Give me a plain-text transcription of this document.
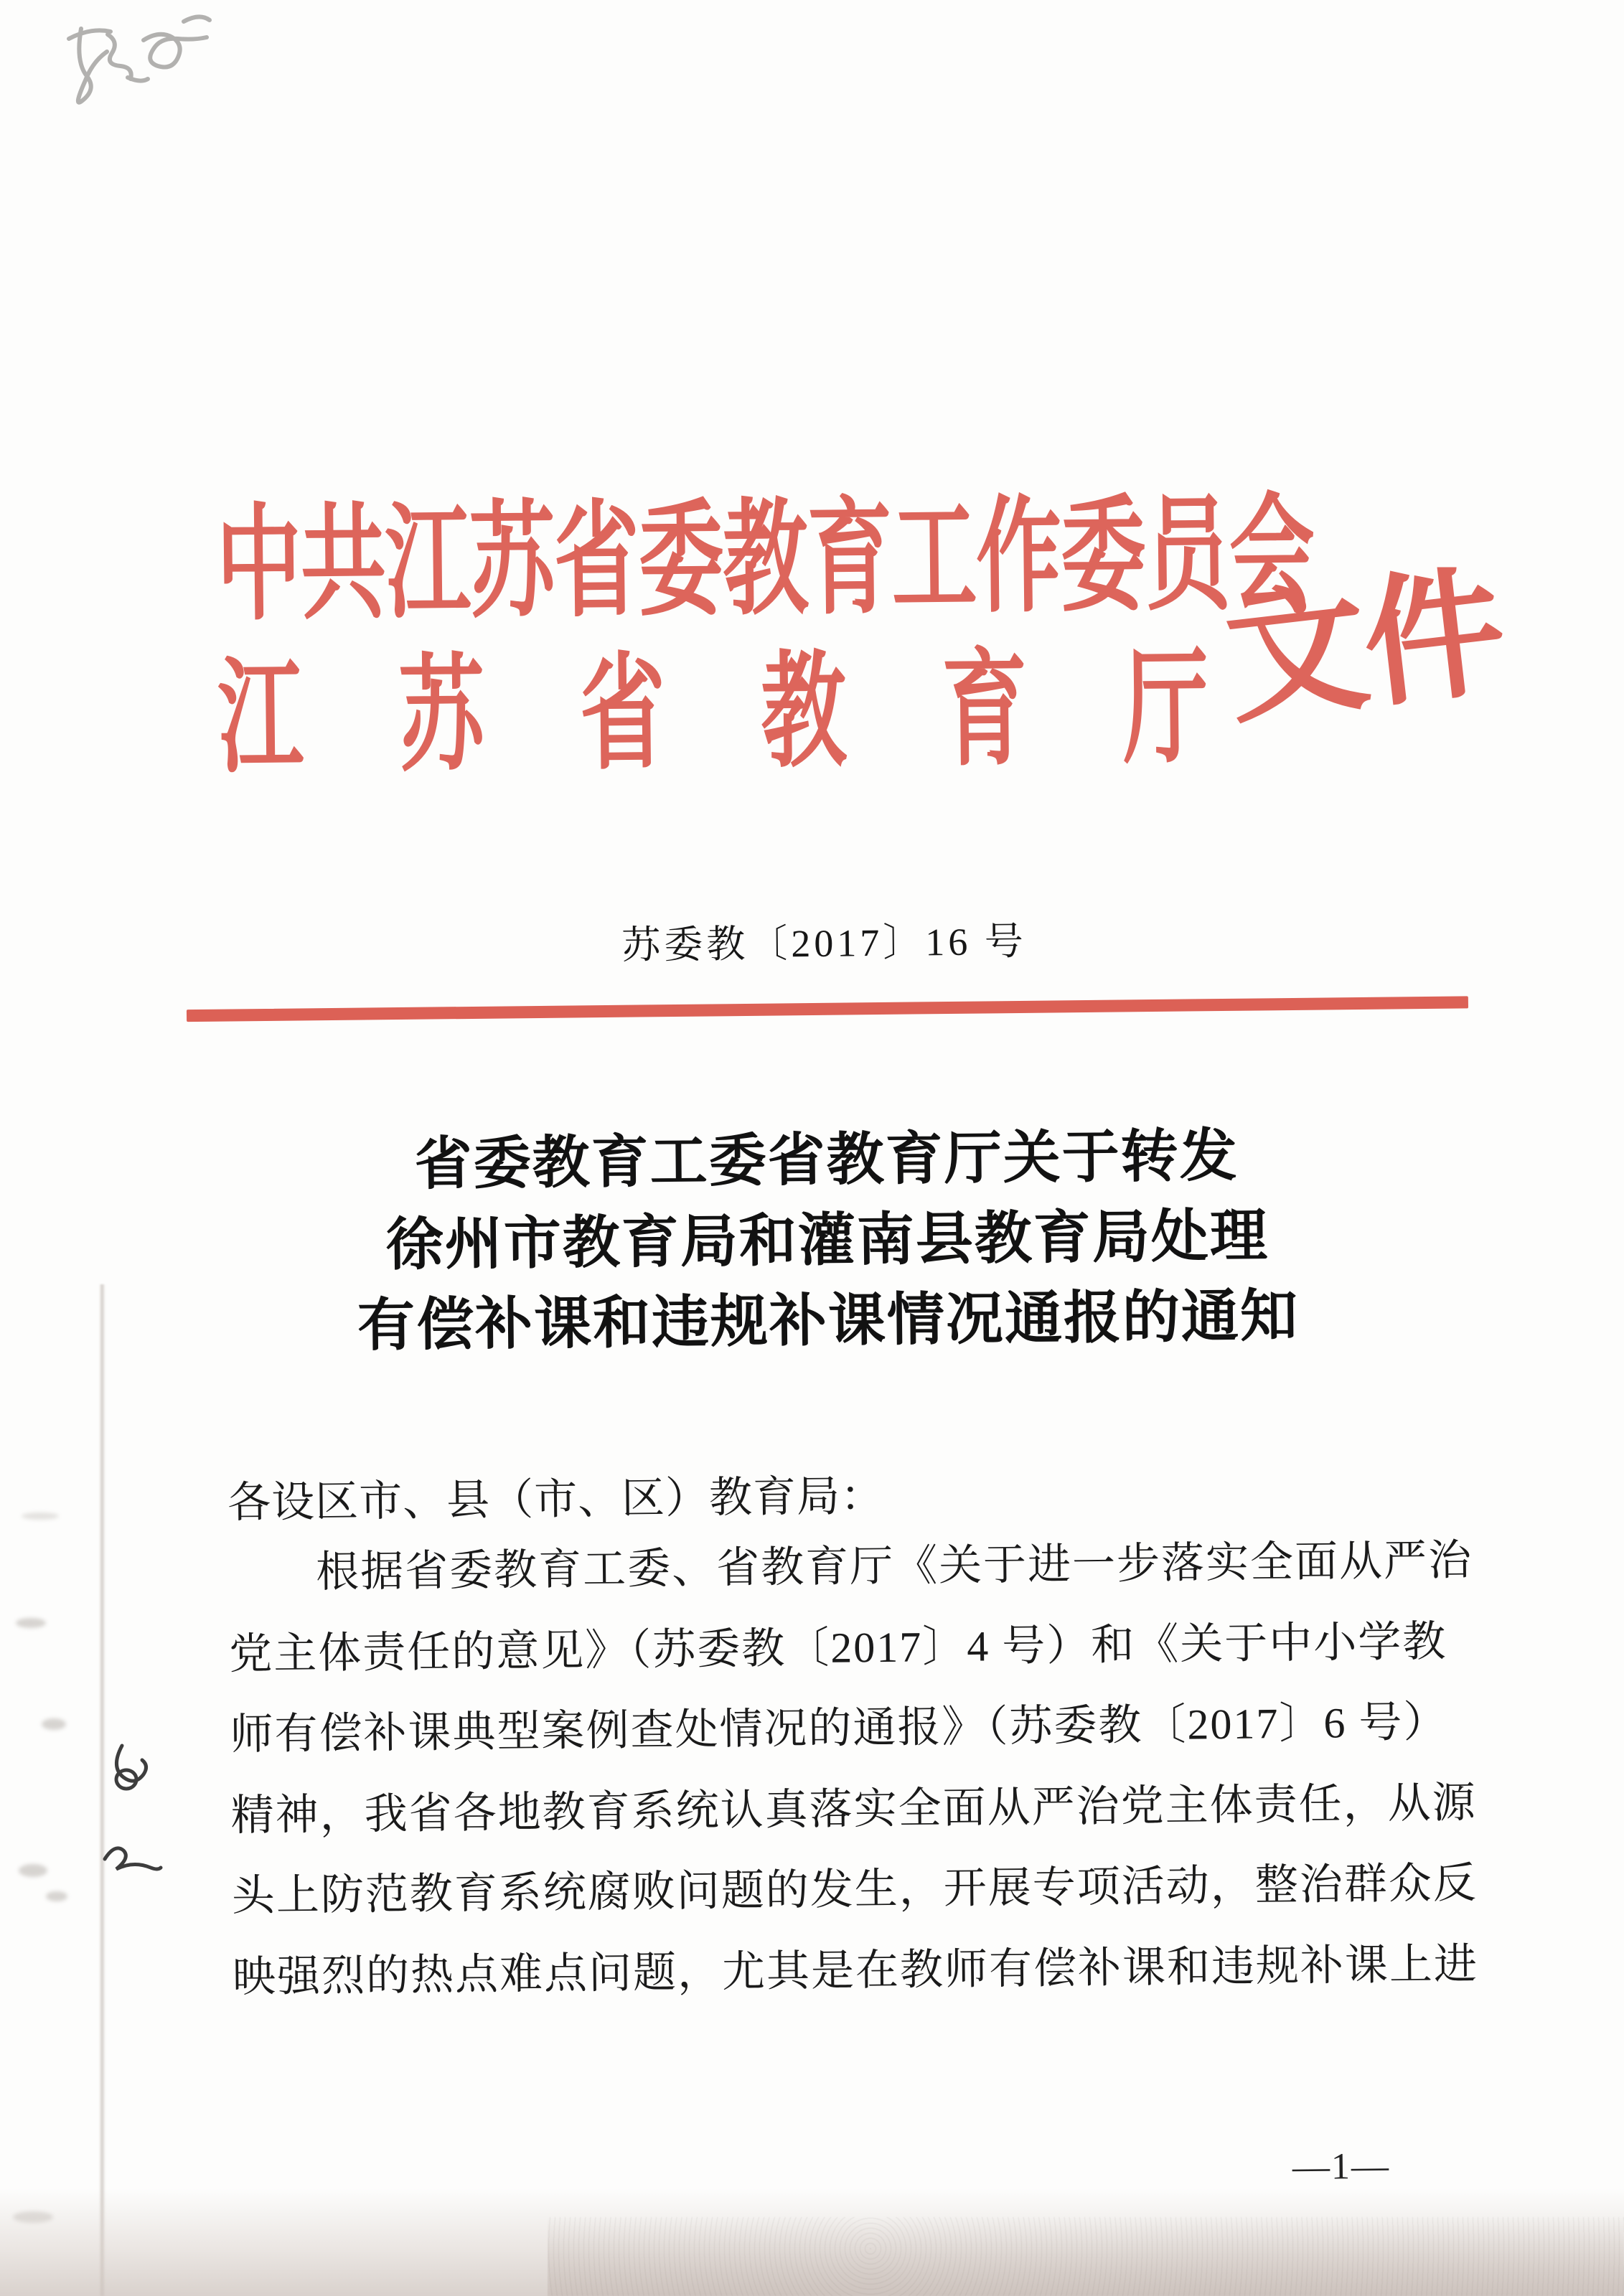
中共江苏省委教育工作委员会
江苏省教育厅
文件
苏委教〔2017〕16 号
省委教育工委省教育厅关于转发
徐州市教育局和灌南县教育局处理
有偿补课和违规补课情况通报的通知
各设区市、县（市、区）教育局：
根据省委教育工委、省教育厅《关于进一步落实全面从严治
党主体责任的意见》（苏委教〔2017〕4 号）和《关于中小学教
师有偿补课典型案例查处情况的通报》（苏委教〔2017〕6 号）
精神，我省各地教育系统认真落实全面从严治党主体责任，从源
头上防范教育系统腐败问题的发生，开展专项活动，整治群众反
映强烈的热点难点问题，尤其是在教师有偿补课和违规补课上进
—1—
